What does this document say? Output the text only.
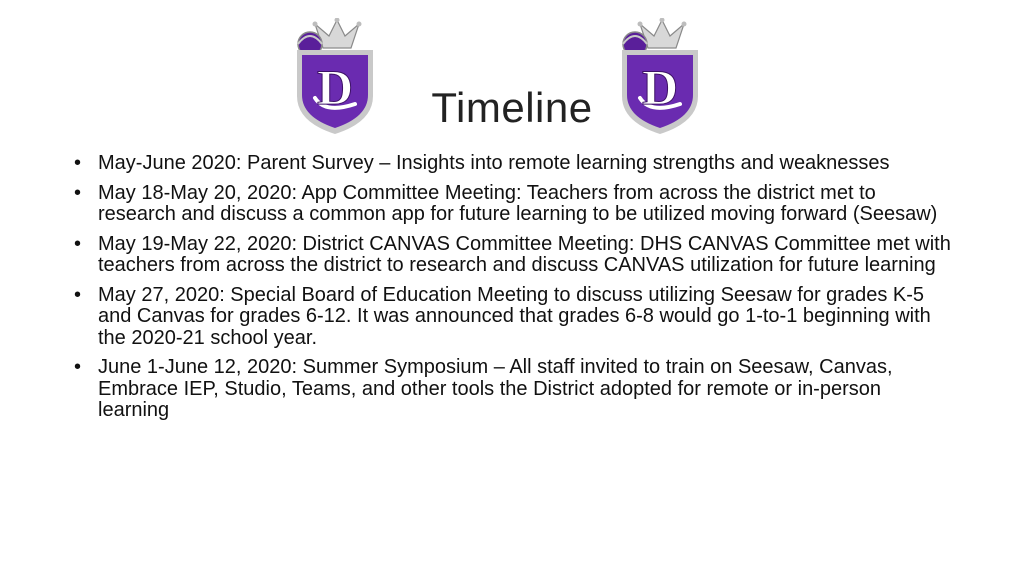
D	Timeline D
• May-June 2020: Parent Survey – Insights into remote learning strengths and weaknesses
• May 18-May 20, 2020: App Committee Meeting: Teachers from across the district met to research and discuss a common app for future learning to be utilized moving forward (Seesaw)
• May 19-May 22, 2020: District CANVAS Committee Meeting: DHS CANVAS Committee met with teachers from across the district to research and discuss CANVAS utilization for future learning
• May 27, 2020: Special Board of Education Meeting to discuss utilizing Seesaw for grades K-5 and Canvas for grades 6-12. It was announced that grades 6-8 would go 1-to-1 beginning with the 2020-21 school year.
• June 1-June 12, 2020: Summer Symposium – All staff invited to train on Seesaw, Canvas, Embrace IEP, Studio, Teams, and other tools the District adopted for remote or in-person learning
